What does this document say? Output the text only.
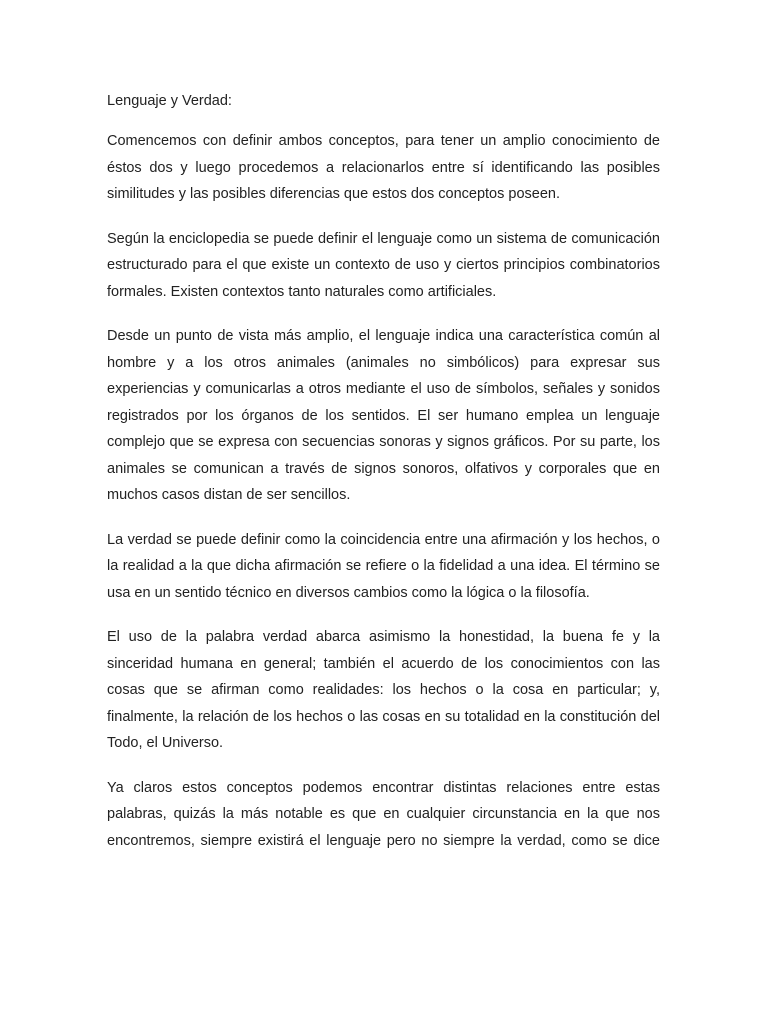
Lenguaje y Verdad:

Comencemos con definir ambos conceptos, para tener un amplio conocimiento de éstos dos y luego procedemos a relacionarlos entre sí identificando las posibles similitudes y las posibles diferencias que estos dos conceptos poseen.

Según la enciclopedia se puede definir el lenguaje como un sistema de comunicación estructurado para el que existe un contexto de uso y ciertos principios combinatorios formales. Existen contextos tanto naturales como artificiales.

Desde un punto de vista más amplio, el lenguaje indica una característica común al hombre y a los otros animales (animales no simbólicos) para expresar sus experiencias y comunicarlas a otros mediante el uso de símbolos, señales y sonidos registrados por los órganos de los sentidos. El ser humano emplea un lenguaje complejo que se expresa con secuencias sonoras y signos gráficos. Por su parte, los animales se comunican a través de signos sonoros, olfativos y corporales que en muchos casos distan de ser sencillos.

La verdad se puede definir como la coincidencia entre una afirmación y los hechos, o la realidad a la que dicha afirmación se refiere o la fidelidad a una idea. El término se usa en un sentido técnico en diversos cambios como la lógica o la filosofía.

El uso de la palabra verdad abarca asimismo la honestidad, la buena fe y la sinceridad humana en general; también el acuerdo de los conocimientos con las cosas que se afirman como realidades: los hechos o la cosa en particular; y, finalmente, la relación de los hechos o las cosas en su totalidad en la constitución del Todo, el Universo.

Ya claros estos conceptos podemos encontrar distintas relaciones entre estas palabras, quizás la más notable es que en cualquier circunstancia en la que nos encontremos, siempre existirá el lenguaje pero no siempre la verdad, como se dice
